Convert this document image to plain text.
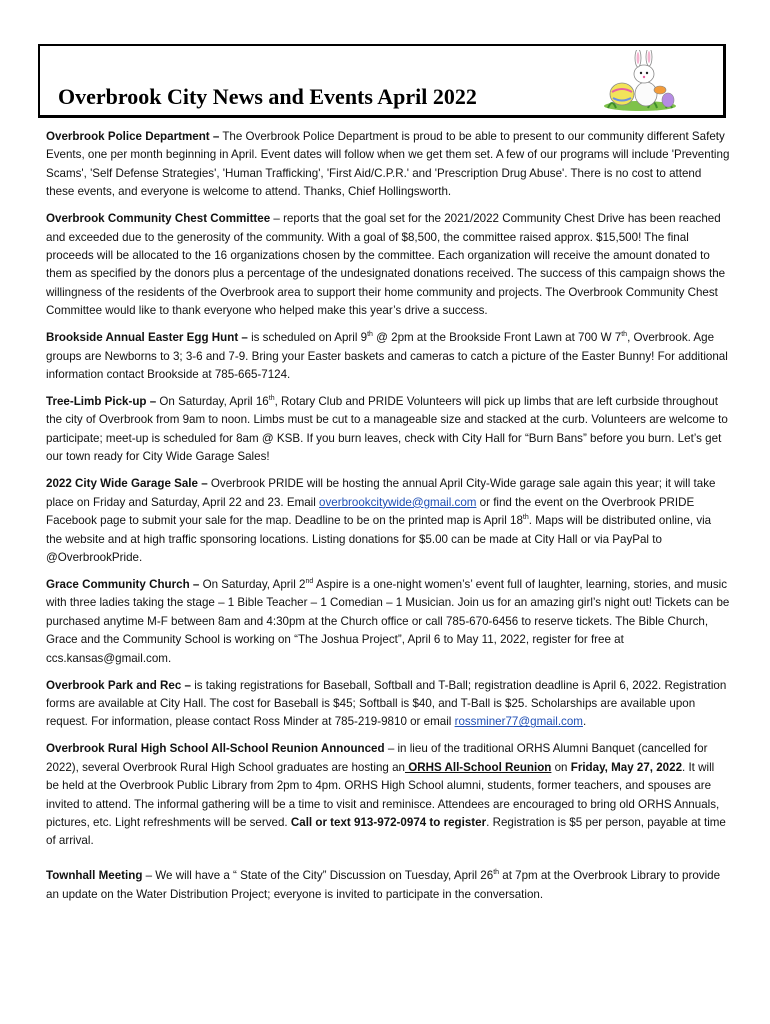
Overbrook City News and Events April 2022

Overbrook Police Department – The Overbrook Police Department is proud to be able to present to our community different Safety Events, one per month beginning in April. Event dates will follow when we get them set. A few of our programs will include 'Preventing Scams', 'Self Defense Strategies', 'Human Trafficking', 'First Aid/C.P.R.' and 'Prescription Drug Abuse'. There is no cost to attend these events, and everyone is welcome to attend. Thanks, Chief Hollingsworth.

Overbrook Community Chest Committee – reports that the goal set for the 2021/2022 Community Chest Drive has been reached and exceeded due to the generosity of the community. With a goal of $8,500, the committee raised approx. $15,500! The final proceeds will be allocated to the 16 organizations chosen by the committee. Each organization will receive the amount donated to them as specified by the donors plus a percentage of the undesignated donations received. The success of this campaign shows the willingness of the residents of the Overbrook area to support their home community and projects. The Overbrook Community Chest Committee would like to thank everyone who helped make this year’s drive a success.

Brookside Annual Easter Egg Hunt – is scheduled on April 9th @ 2pm at the Brookside Front Lawn at 700 W 7th, Overbrook. Age groups are Newborns to 3; 3-6 and 7-9. Bring your Easter baskets and cameras to catch a picture of the Easter Bunny! For additional information contact Brookside at 785-665-7124.

Tree-Limb Pick-up – On Saturday, April 16th, Rotary Club and PRIDE Volunteers will pick up limbs that are left curbside throughout the city of Overbrook from 9am to noon. Limbs must be cut to a manageable size and stacked at the curb. Volunteers are welcome to participate; meet-up is scheduled for 8am @ KSB. If you burn leaves, check with City Hall for “Burn Bans” before you burn. Let’s get our town ready for City Wide Garage Sales!

2022 City Wide Garage Sale – Overbrook PRIDE will be hosting the annual April City-Wide garage sale again this year; it will take place on Friday and Saturday, April 22 and 23. Email overbrookcitywide@gmail.com or find the event on the Overbrook PRIDE Facebook page to submit your sale for the map. Deadline to be on the printed map is April 18th. Maps will be distributed online, via the website and at high traffic sponsoring locations. Listing donations for $5.00 can be made at City Hall or via PayPal to @OverbrookPride.

Grace Community Church – On Saturday, April 2nd Aspire is a one-night women’s’ event full of laughter, learning, stories, and music with three ladies taking the stage – 1 Bible Teacher – 1 Comedian – 1 Musician. Join us for an amazing girl’s night out! Tickets can be purchased anytime M-F between 8am and 4:30pm at the Church office or call 785-670-6456 to reserve tickets. The Bible Church, Grace and the Community School is working on “The Joshua Project”, April 6 to May 11, 2022, register for free at ccs.kansas@gmail.com.

Overbrook Park and Rec – is taking registrations for Baseball, Softball and T-Ball; registration deadline is April 6, 2022. Registration forms are available at City Hall. The cost for Baseball is $45; Softball is $40, and T-Ball is $25. Scholarships are available upon request. For information, please contact Ross Minder at 785-219-9810 or email rossminer77@gmail.com.

Overbrook Rural High School All-School Reunion Announced – in lieu of the traditional ORHS Alumni Banquet (cancelled for 2022), several Overbrook Rural High School graduates are hosting an ORHS All-School Reunion on Friday, May 27, 2022. It will be held at the Overbrook Public Library from 2pm to 4pm. ORHS High School alumni, students, former teachers, and spouses are invited to attend. The informal gathering will be a time to visit and reminisce. Attendees are encouraged to bring old ORHS Annuals, pictures, etc. Light refreshments will be served. Call or text 913-972-0974 to register. Registration is $5 per person, payable at time of arrival.

Townhall Meeting – We will have a “ State of the City” Discussion on Tuesday, April 26th at 7pm at the Overbrook Library to provide an update on the Water Distribution Project; everyone is invited to participate in the conversation.
